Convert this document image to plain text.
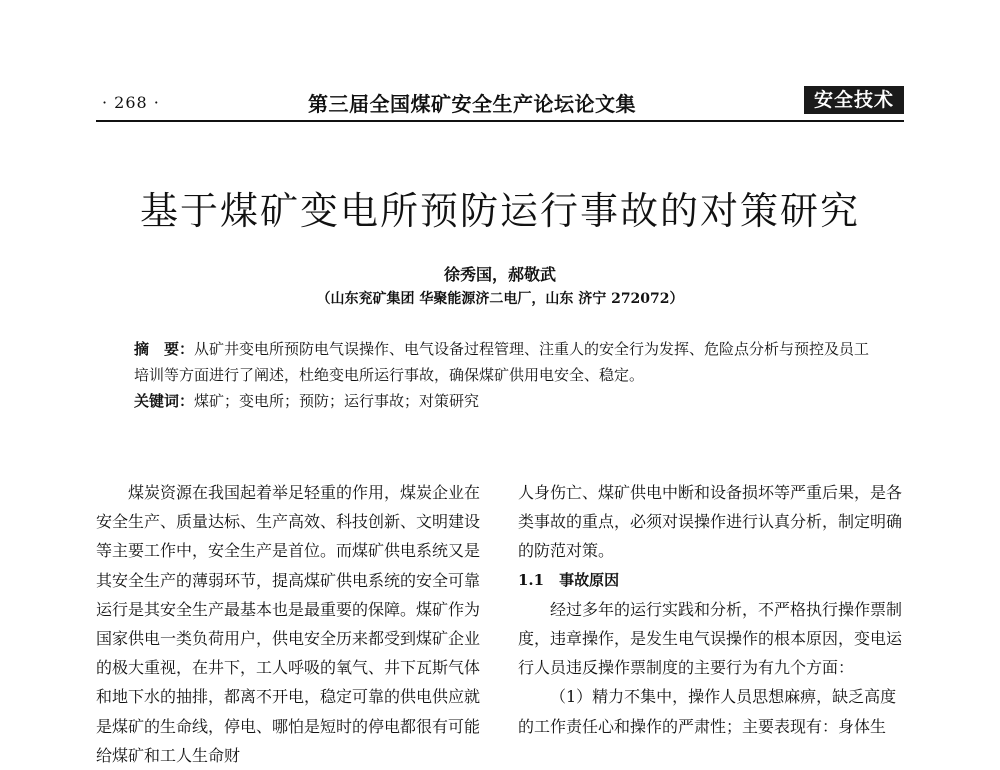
· 268 ·	第三届全国煤矿安全生产论坛论文集	安全技术
基于煤矿变电所预防运行事故的对策研究
徐秀国，郝敬武
（山东兖矿集团 华聚能源济二电厂，山东 济宁 272072）

摘　要：从矿井变电所预防电气误操作、电气设备过程管理、注重人的安全行为发挥、危险点分析与预控及员工培训等方面进行了阐述，杜绝变电所运行事故，确保煤矿供用电安全、稳定。

关键词：煤矿；变电所；预防；运行事故；对策研究

煤炭资源在我国起着举足轻重的作用，煤炭企业在安全生产、质量达标、生产高效、科技创新、文明建设等主要工作中，安全生产是首位。而煤矿供电系统又是其安全生产的薄弱环节，提高煤矿供电系统的安全可靠运行是其安全生产最基本也是最重要的保障。煤矿作为国家供电一类负荷用户，供电安全历来都受到煤矿企业的极大重视，在井下，工人呼吸的氧气、井下瓦斯气体和地下水的抽排，都离不开电，稳定可靠的供电供应就是煤矿的生命线，停电、哪怕是短时的停电都很有可能给煤矿和工人生命财

人身伤亡、煤矿供电中断和设备损坏等严重后果，是各类事故的重点，必须对误操作进行认真分析，制定明确的防范对策。

1.1　事故原因

经过多年的运行实践和分析，不严格执行操作票制度，违章操作，是发生电气误操作的根本原因，变电运行人员违反操作票制度的主要行为有九个方面：

（1）精力不集中，操作人员思想麻痹，缺乏高度的工作责任心和操作的严肃性；主要表现有：身体生
